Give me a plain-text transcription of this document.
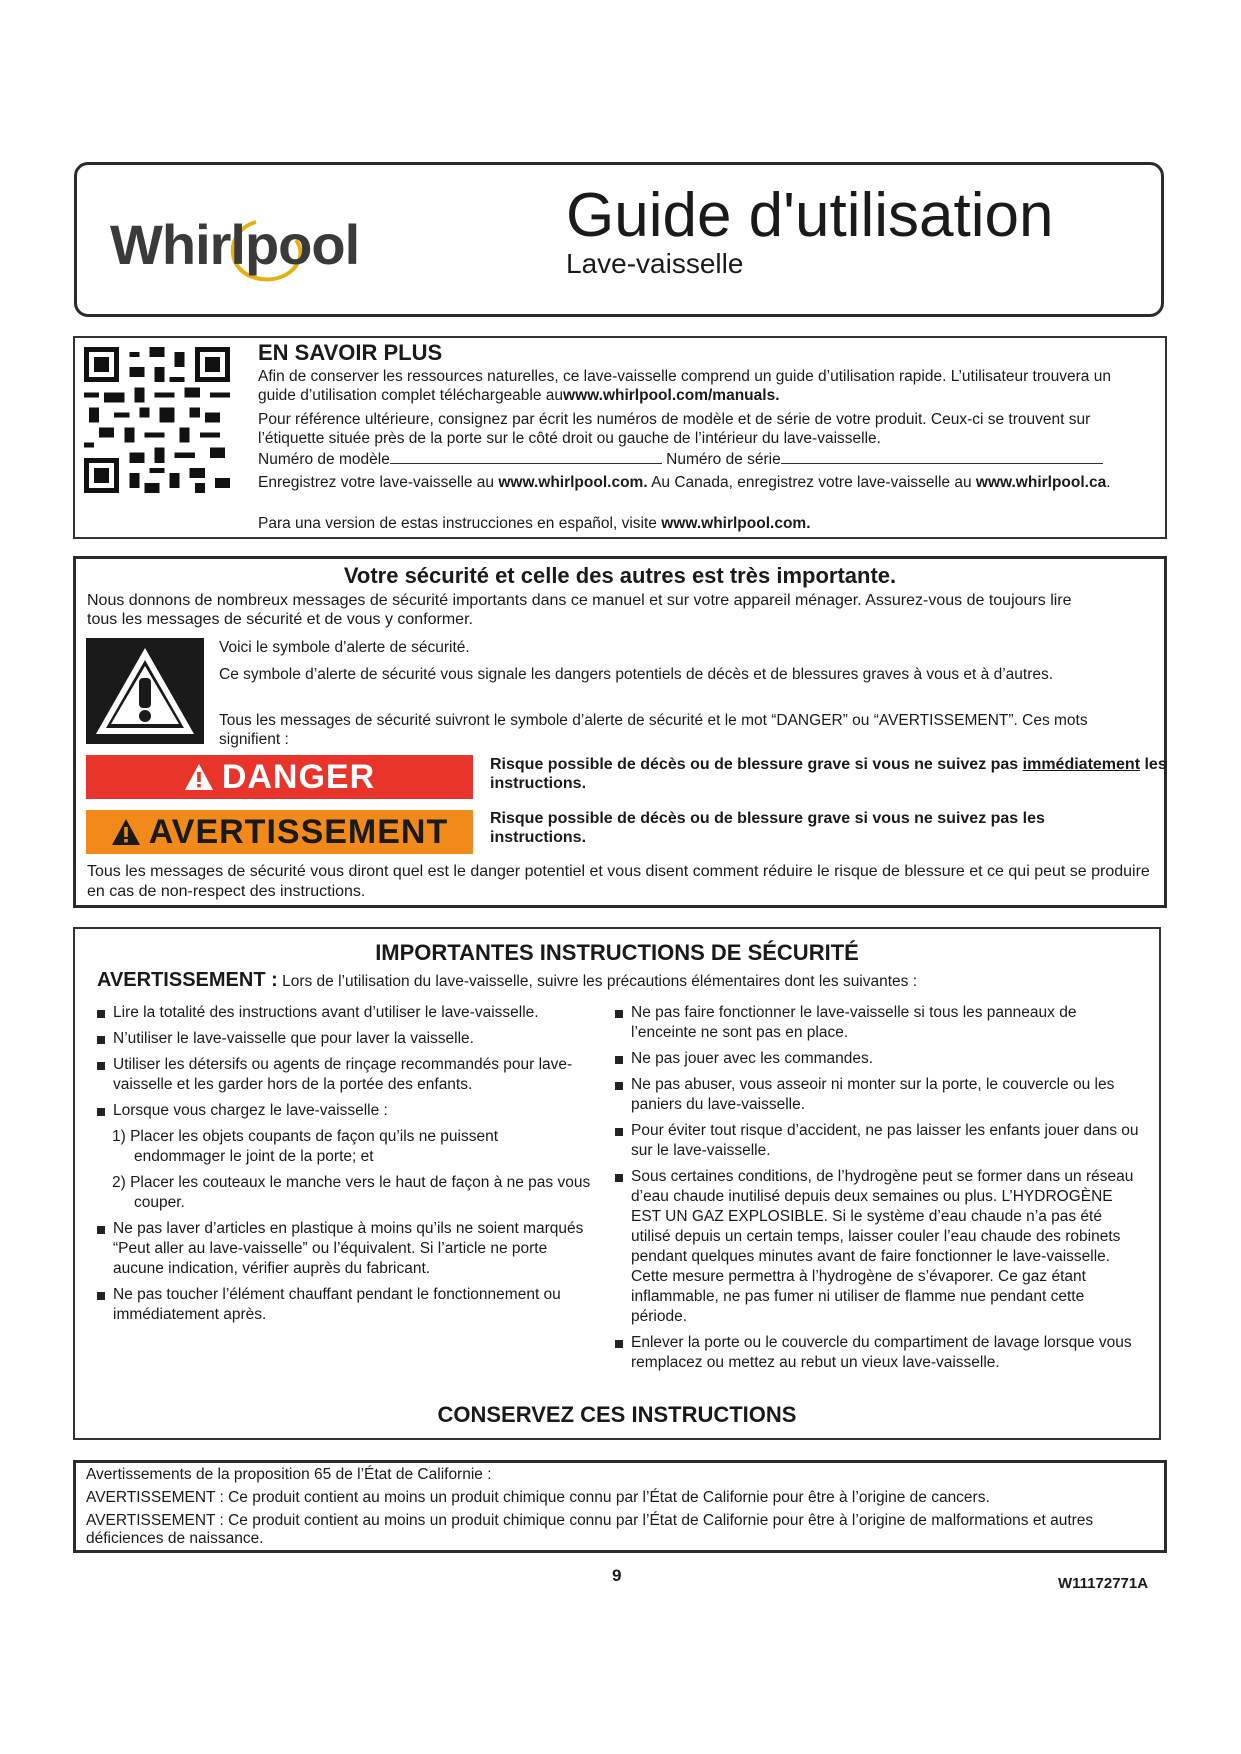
Whirlpool	Guide d'utilisation
Lave-vaisselle
EN SAVOIR PLUS
Afin de conserver les ressources naturelles, ce lave-vaisselle comprend un guide d’utilisation rapide. L’utilisateur trouvera un guide d’utilisation complet téléchargeable auwww.whirlpool.com/manuals.
Pour référence ultérieure, consignez par écrit les numéros de modèle et de série de votre produit. Ceux-ci se trouvent sur l’étiquette située près de la porte sur le côté droit ou gauche de l’intérieur du lave-vaisselle.
Numéro de modèle	Numéro de série
Enregistrez votre lave-vaisselle au www.whirlpool.com. Au Canada, enregistrez votre lave-vaisselle au www.whirlpool.ca.
Para una version de estas instrucciones en español, visite www.whirlpool.com.
Votre sécurité et celle des autres est très importante.
Nous donnons de nombreux messages de sécurité importants dans ce manuel et sur votre appareil ménager. Assurez-vous de toujours lire tous les messages de sécurité et de vous y conformer.
Voici le symbole d’alerte de sécurité.
Ce symbole d’alerte de sécurité vous signale les dangers potentiels de décès et de blessures graves à vous et à d’autres.
Tous les messages de sécurité suivront le symbole d’alerte de sécurité et le mot “DANGER” ou “AVERTISSEMENT”. Ces mots signifient :
DANGER	Risque possible de décès ou de blessure grave si vous ne suivez pas immédiatement les instructions.
AVERTISSEMENT	Risque possible de décès ou de blessure grave si vous ne suivez pas les instructions.
Tous les messages de sécurité vous diront quel est le danger potentiel et vous disent comment réduire le risque de blessure et ce qui peut se produire en cas de non-respect des instructions.
IMPORTANTES INSTRUCTIONS DE SÉCURITÉ
AVERTISSEMENT : Lors de l’utilisation du lave-vaisselle, suivre les précautions élémentaires dont les suivantes :
Lire la totalité des instructions avant d’utiliser le lave-vaisselle.
N’utiliser le lave-vaisselle que pour laver la vaisselle.
Utiliser les détersifs ou agents de rinçage recommandés pour lave-vaisselle et les garder hors de la portée des enfants.
Lorsque vous chargez le lave-vaisselle :
1) Placer les objets coupants de façon qu’ils ne puissent endommager le joint de la porte; et
2) Placer les couteaux le manche vers le haut de façon à ne pas vous couper.
Ne pas laver d’articles en plastique à moins qu’ils ne soient marqués “Peut aller au lave-vaisselle” ou l’équivalent. Si l’article ne porte aucune indication, vérifier auprès du fabricant.
Ne pas toucher l’élément chauffant pendant le fonctionnement ou immédiatement après.
Ne pas faire fonctionner le lave-vaisselle si tous les panneaux de l’enceinte ne sont pas en place.
Ne pas jouer avec les commandes.
Ne pas abuser, vous asseoir ni monter sur la porte, le couvercle ou les paniers du lave-vaisselle.
Pour éviter tout risque d’accident, ne pas laisser les enfants jouer dans ou sur le lave-vaisselle.
Sous certaines conditions, de l’hydrogène peut se former dans un réseau d’eau chaude inutilisé depuis deux semaines ou plus. L’HYDROGÈNE EST UN GAZ EXPLOSIBLE. Si le système d’eau chaude n’a pas été utilisé depuis un certain temps, laisser couler l’eau chaude des robinets pendant quelques minutes avant de faire fonctionner le lave-vaisselle. Cette mesure permettra à l’hydrogène de s’évaporer. Ce gaz étant inflammable, ne pas fumer ni utiliser de flamme nue pendant cette période.
Enlever la porte ou le couvercle du compartiment de lavage lorsque vous remplacez ou mettez au rebut un vieux lave-vaisselle.
CONSERVEZ CES INSTRUCTIONS
Avertissements de la proposition 65 de l’État de Californie :
AVERTISSEMENT : Ce produit contient au moins un produit chimique connu par l’État de Californie pour être à l’origine de cancers.
AVERTISSEMENT : Ce produit contient au moins un produit chimique connu par l’État de Californie pour être à l’origine de malformations et autres déficiences de naissance.
9	W11172771A
